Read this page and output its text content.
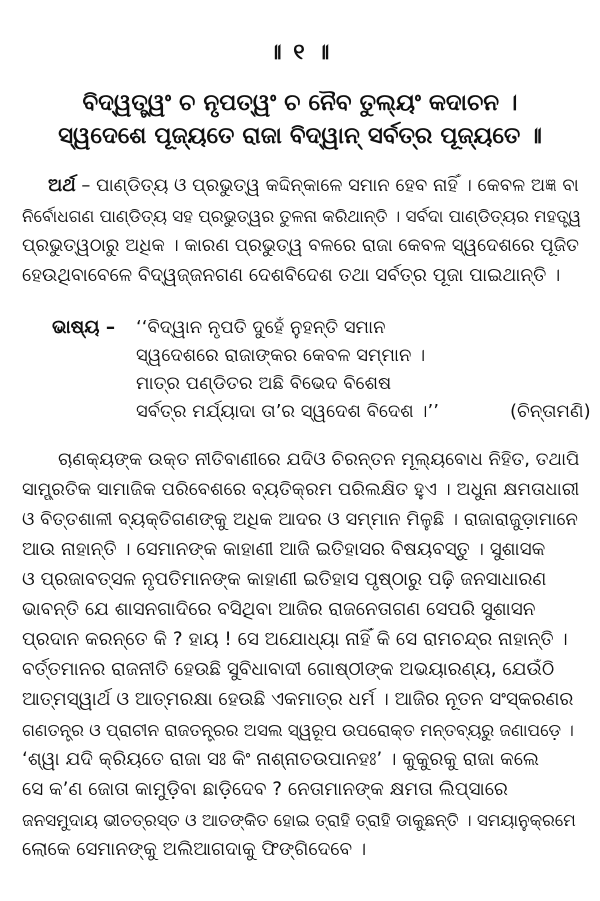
॥ ୧ ॥
ବିଦ୍ୱତ୍ତ୍ୱଂ ଚ ନୃପତ୍ୱଂ ଚ ନୈବ ତୁଲ୍ୟଂ କଦାଚନ ।
ସ୍ୱଦେଶେ ପୂଜ୍ୟତେ ରାଜା ବିଦ୍ୱାନ୍ ସର୍ବତ୍ର ପୂଜ୍ୟତେ ॥
ଅର୍ଥ – ପାଣ୍ଡିତ୍ୟ ଓ ପ୍ରଭୁତ୍ୱ କଦ୍ଦିନ୍କାଳେ ସମାନ ହେବ ନାହିଁ । କେବଳ ଅଜ୍ଞ ବା
ନିର୍ବୋଧଗଣ ପାଣ୍ଡିତ୍ୟ ସହ ପ୍ରଭୁତ୍ୱର ତୁଳନା କରିଥାନ୍ତି । ସର୍ବଦା ପାଣ୍ଡିତ୍ୟର ମହତ୍ତ୍ୱ
ପ୍ରଭୁତ୍ୱଠାରୁ ଅଧିକ । କାରଣ ପ୍ରଭୁତ୍ୱ ବଳରେ ରାଜା କେବଳ ସ୍ୱଦେଶରେ ପୂଜିତ
ହେଉଥିବାବେଳେ ବିଦ୍ୱଜ୍ଜନଗଣ ଦେଶବିଦେଶ ତଥା ସର୍ବତ୍ର ପୂଜା ପାଇଥାନ୍ତି ।
ଭାଷ୍ୟ – ‘‘ବିଦ୍ୱାନ ନୃପତି ଦୁହେଁ ନୁହନ୍ତି ସମାନ
ସ୍ୱଦେଶରେ ରାଜାଙ୍କର କେବଳ ସମ୍ମାନ ।
ମାତ୍ର ପଣ୍ଡିତର ଅଛି ବିଭେଦ ବିଶେଷ
ସର୍ବତ୍ର ମର୍ଯ୍ୟାଦା ତା’ର ସ୍ୱଦେଶ ବିଦେଶ ।’’	(ଚିନ୍ତାମଣି)
ଚାଣକ୍ୟଙ୍କ ଉକ୍ତ ନୀତିବାଣୀରେ ଯଦିଓ ଚିରନ୍ତନ ମୂଲ୍ୟବୋଧ ନିହିତ, ତଥାପି
ସାମ୍ପ୍ରତିକ ସାମାଜିକ ପରିବେଶରେ ବ୍ୟତିକ୍ରମ ପରିଲକ୍ଷିତ ହୁଏ । ଅଧୁନା କ୍ଷମତାଧାରୀ
ଓ ବିତ୍ତଶାଳୀ ବ୍ୟକ୍ତିଗଣଙ୍କୁ ଅଧିକ ଆଦର ଓ ସମ୍ମାନ ମିଳୁଛି । ରାଜାରାଜୁଡ଼ାମାନେ
ଆଉ ନାହାନ୍ତି । ସେମାନଙ୍କ କାହାଣୀ ଆଜି ଇତିହାସର ବିଷୟବସ୍ତୁ । ସୁଶାସକ
ଓ ପ୍ରଜାବତ୍ସଳ ନୃପତିମାନଙ୍କ କାହାଣୀ ଇତିହାସ ପୃଷ୍ଠାରୁ ପଢ଼ି ଜନସାଧାରଣ
ଭାବନ୍ତି ଯେ ଶାସନଗାଦିରେ ବସିଥିବା ଆଜିର ରାଜନେତାଗଣ ସେପରି ସୁଶାସନ
ପ୍ରଦାନ କରନ୍ତେ କି ? ହାୟ ! ସେ ଅଯୋଧ୍ୟା ନାହିଁ କି ସେ ରାମଚନ୍ଦ୍ର ନାହାନ୍ତି ।
ବର୍ତ୍ତମାନର ରାଜନୀତି ହେଉଛି ସୁବିଧାବାଦୀ ଗୋଷ୍ଠୀଙ୍କ ଅଭୟାରଣ୍ୟ, ଯେଉଁଠି
ଆତ୍ମସ୍ୱାର୍ଥ ଓ ଆତ୍ମରକ୍ଷା ହେଉଛି ଏକମାତ୍ର ଧର୍ମ । ଆଜିର ନୂତନ ସଂସ୍କରଣର
ଗଣତନ୍ତ୍ର ଓ ପ୍ରାଚୀନ ରାଜତନ୍ତ୍ରର ଅସଲ ସ୍ୱରୂପ ଉପରୋକ୍ତ ମନ୍ତବ୍ୟରୁ ଜଣାପଡ଼େ ।
‘ଶ୍ୱା ଯଦି କ୍ରିୟତେ ରାଜା ସଃ କିଂ ନାଶ୍ନାତଉପାନହଃ’ । କୁକୁରକୁ ରାଜା କଲେ
ସେ କ’ଣ ଜୋତା କାମୁଡ଼ିବା ଛାଡ଼ିଦେବ ? ନେତାମାନଙ୍କ କ୍ଷମତା ଲିପ୍ସାରେ
ଜନସମୁଦାୟ ଭୀତତ୍ରସ୍ତ ଓ ଆତଙ୍କିତ ହୋଇ ତ୍ରାହି ତ୍ରାହି ଡାକୁଛନ୍ତି । ସମୟାନୁକ୍ରମେ
ଲୋକେ ସେମାନଙ୍କୁ ଅଲିଆଗଦାକୁ ଫିଙ୍ଗିଦେବେ ।
